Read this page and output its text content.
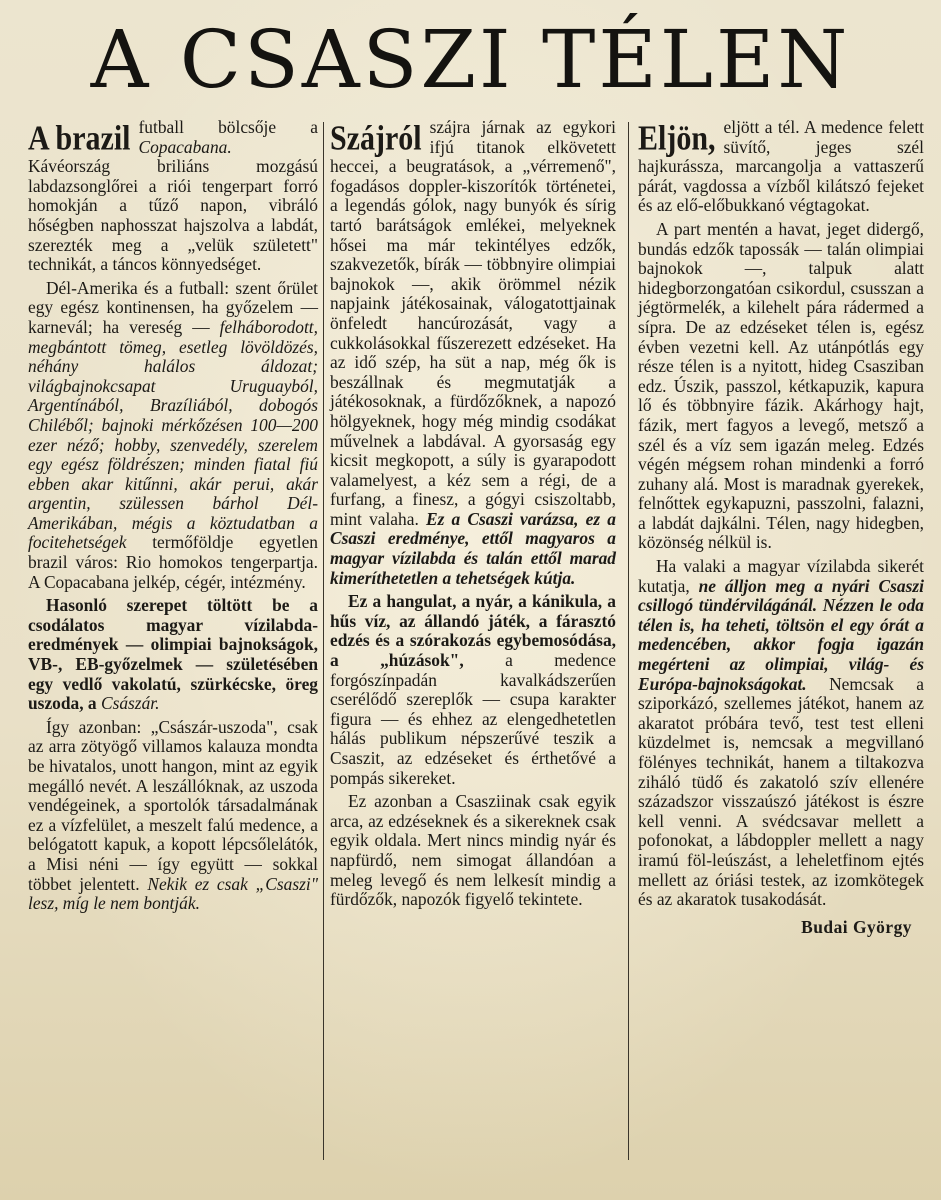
A CSASZI TÉLEN

A brazil futball bölcsője a Copacabana. Kávéország briliáns mozgású labdazsonglőrei a riói tengerpart forró homokján a tűző napon, vibráló hőségben naphosszat hajszolva a labdát, szerezték meg a „velük született" technikát, a táncos könnyedséget.

Dél-Amerika és a futball: szent őrület egy egész kontinensen, ha győzelem — karnevál; ha vereség — felháborodott, megbántott tömeg, esetleg lövöldözés, néhány halálos áldozat; világbajnokcsapat Uruguayból, Argentínából, Brazíliából, dobogós Chiléből; bajnoki mérkőzésen 100—200 ezer néző; hobby, szenvedély, szerelem egy egész földrészen; minden fiatal fiú ebben akar kitűnni, akár perui, akár argentin, szülessen bárhol Dél-Amerikában, mégis a köztudatban a focitehetségek termőföldje egyetlen brazil város: Rio homokos tengerpartja. A Copacabana jelkép, cégér, intézmény.

Hasonló szerepet töltött be a csodálatos magyar vízilabda-eredmények — olimpiai bajnokságok, VB-, EB-győzelmek — születésében egy vedlő vakolatú, szürkécske, öreg uszoda, a Császár.

Így azonban: „Császár-uszoda", csak az arra zötyögő villamos kalauza mondta be hivatalos, unott hangon, mint az egyik megálló nevét. A leszállóknak, az uszoda vendégeinek, a sportolók társadalmának ez a vízfelület, a meszelt falú medence, a belógatott kapuk, a kopott lépcsőlelátók, a Misi néni — így együtt — sokkal többet jelentett. Nekik ez csak „Csaszi" lesz, míg le nem bontják.

Szájról szájra járnak az egykori ifjú titanok elkövetett heccei, a beugratások, a „vérremenő", fogadásos doppler-kiszorítók történetei, a legendás gólok, nagy bunyók és sírig tartó barátságok emlékei, melyeknek hősei ma már tekintélyes edzők, szakvezetők, bírák — többnyire olimpiai bajnokok —, akik örömmel nézik napjaink játékosainak, válogatottjainak önfeledt hancúrozását, vagy a cukkolásokkal fűszerezett edzéseket. Ha az idő szép, ha süt a nap, még ők is beszállnak és megmutatják a játékosoknak, a fürdőzőknek, a napozó hölgyeknek, hogy még mindig csodákat művelnek a labdával. A gyorsaság egy kicsit megkopott, a súly is gyarapodott valamelyest, a kéz sem a régi, de a furfang, a finesz, a gógyi csiszoltabb, mint valaha. Ez a Csaszi varázsa, ez a Csaszi eredménye, ettől magyaros a magyar vízilabda és talán ettől marad kimeríthetetlen a tehetségek kútja.

Ez a hangulat, a nyár, a kánikula, a hűs víz, az állandó játék, a fárasztó edzés és a szórakozás egybemosódása, a „húzások", a medence forgószínpadán kavalkádszerűen cserélődő szereplők — csupa karakter figura — és ehhez az elengedhetetlen hálás publikum népszerűvé teszik a Csaszit, az edzéseket és érthetővé a pompás sikereket.

Ez azonban a Csasziinak csak egyik arca, az edzéseknek és a sikereknek csak egyik oldala. Mert nincs mindig nyár és napfürdő, nem simogat állandóan a meleg levegő és nem lelkesít mindig a fürdőzők, napozók figyelő tekintete.

Eljön, eljött a tél. A medence felett süvítő, jeges szél hajkurássza, marcangolja a vattaszerű párát, vagdossa a vízből kilátszó fejeket és az elő-előbukkanó végtagokat.

A part mentén a havat, jeget didergő, bundás edzők tapossák — talán olimpiai bajnokok —, talpuk alatt hidegborzongatóan csikordul, csusszan a jégtörmelék, a kilehelt pára rádermed a sípra. De az edzéseket télen is, egész évben vezetni kell. Az utánpótlás egy része télen is a nyitott, hideg Csasziban edz. Úszik, passzol, kétkapuzik, kapura lő és többnyire fázik. Akárhogy hajt, fázik, mert fagyos a levegő, metsző a szél és a víz sem igazán meleg. Edzés végén mégsem rohan mindenki a forró zuhany alá. Most is maradnak gyerekek, felnőttek egykapuzni, passzolni, falazni, a labdát dajkálni. Télen, nagy hidegben, közönség nélkül is.

Ha valaki a magyar vízilabda sikerét kutatja, ne álljon meg a nyári Csaszi csillogó tündérvilágánál. Nézzen le oda télen is, ha teheti, töltsön el egy órát a medencében, akkor fogja igazán megérteni az olimpiai, világ- és Európa-bajnokságokat. Nemcsak a sziporkázó, szellemes játékot, hanem az akaratot próbára tevő, test test elleni küzdelmet is, nemcsak a megvillanó fölényes technikát, hanem a tiltakozva ziháló tüdő és zakatoló szív ellenére századszor visszaúszó játékost is észre kell venni. A svédcsavar mellett a pofonokat, a lábdoppler mellett a nagy iramú föl-leúszást, a leheletfinom ejtés mellett az óriási testek, az izomkötegek és az akaratok tusakodását.

Budai György
